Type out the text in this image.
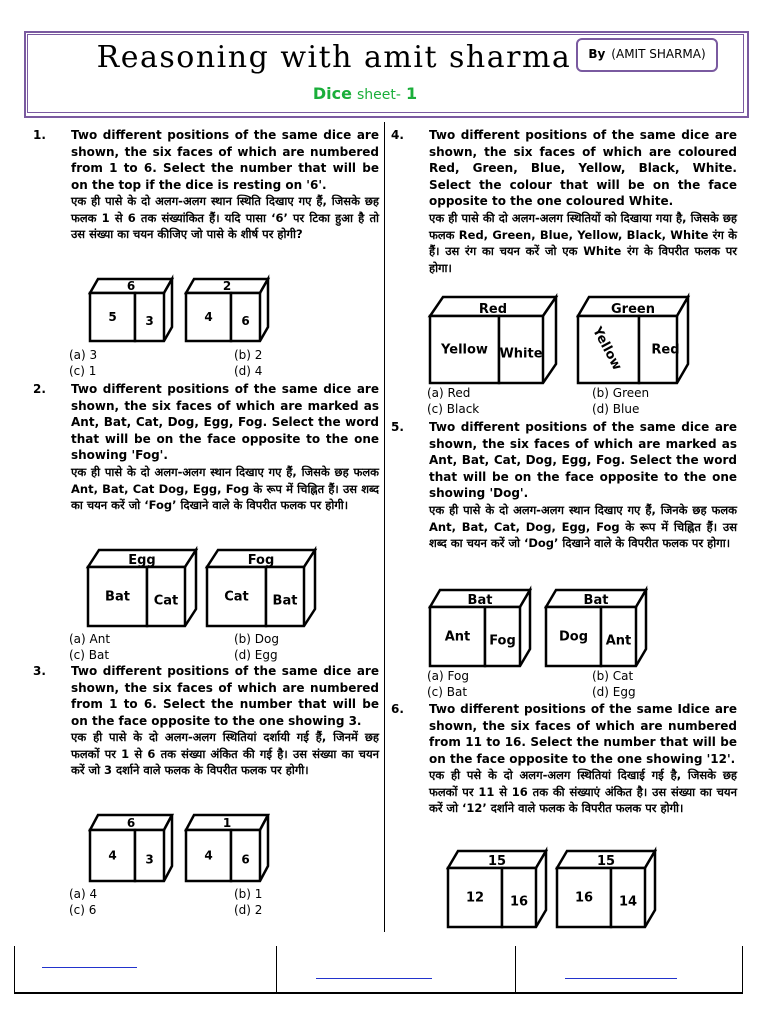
Reasoning with amit sharma	By (AMIT SHARMA)
Dice sheet- 1
1. Two different positions of the same dice are shown, the six faces of which are numbered from 1 to 6. Select the number that will be on the top if the dice is resting on '6'.
एक ही पासे के दो अलग-अलग स्थान स्थिति दिखाए गए हैं, जिसके छह फलक 1 से 6 तक संख्यांकित हैं। यदि पासा ‘6’ पर टिका हुआ है तो उस संख्या का चयन कीजिए जो पासे के शीर्ष पर होगी?
(a) 3	(b) 2
(c) 1	(d) 4
2. Two different positions of the same dice are shown, the six faces of which are marked as Ant, Bat, Cat, Dog, Egg, Fog. Select the word that will be on the face opposite to the one showing 'Fog'.
एक ही पासे के दो अलग-अलग स्थान दिखाए गए हैं, जिसके छह फलक Ant, Bat, Cat Dog, Egg, Fog के रूप में चिह्नित हैं। उस शब्द का चयन करें जो ‘Fog’ दिखाने वाले के विपरीत फलक पर होगी।
(a) Ant	(b) Dog
(c) Bat	(d) Egg
3. Two different positions of the same dice are shown, the six faces of which are numbered from 1 to 6. Select the number that will be on the face opposite to the one showing 3.
एक ही पासे के दो अलग-अलग स्थितियां दर्शायी गई हैं, जिनमें छह फलकों पर 1 से 6 तक संख्या अंकित की गई है। उस संख्या का चयन करें जो 3 दर्शाने वाले फलक के विपरीत फलक पर होगी।
(a) 4	(b) 1
(c) 6	(d) 2
4. Two different positions of the same dice are shown, the six faces of which are coloured Red, Green, Blue, Yellow, Black, White. Select the colour that will be on the face opposite to the one coloured White.
एक ही पासे की दो अलग-अलग स्थितियों को दिखाया गया है, जिसके छह फलक Red, Green, Blue, Yellow, Black, White रंग के हैं। उस रंग का चयन करें जो एक White रंग के विपरीत फलक पर होगा।
(a) Red	(b) Green
(c) Black	(d) Blue
5. Two different positions of the same dice are shown, the six faces of which are marked as Ant, Bat, Cat, Dog, Egg, Fog. Select the word that will be on the face opposite to the one showing 'Dog'.
एक ही पासे के दो अलग-अलग स्थान दिखाए गए हैं, जिनके छह फलक Ant, Bat, Cat, Dog, Egg, Fog के रूप में चिह्नित हैं। उस शब्द का चयन करें जो ‘Dog’ दिखाने वाले के विपरीत फलक पर होगा।
(a) Fog	(b) Cat
(c) Bat	(d) Egg
6. Two different positions of the same Idice are shown, the six faces of which are numbered from 11 to 16. Select the number that will be on the face opposite to the one showing '12'.
एक ही पसे के दो अलग-अलग स्थितियां दिखाई गई है, जिसके छह फलकों पर 11 से 16 तक की संख्याएं अंकित है। उस संख्या का चयन करें जो ‘12’ दर्शाने वाले फलक के विपरीत फलक पर होगी।
6
5 3
2
4 6
Egg
Bat Cat
Fog
Cat Bat
6
4 3
1
4 6
Red
Yellow White	Red
Green
Yellow
Bat
Ant Fog
Bat
Dog Ant
15
12 16
15
16 14
